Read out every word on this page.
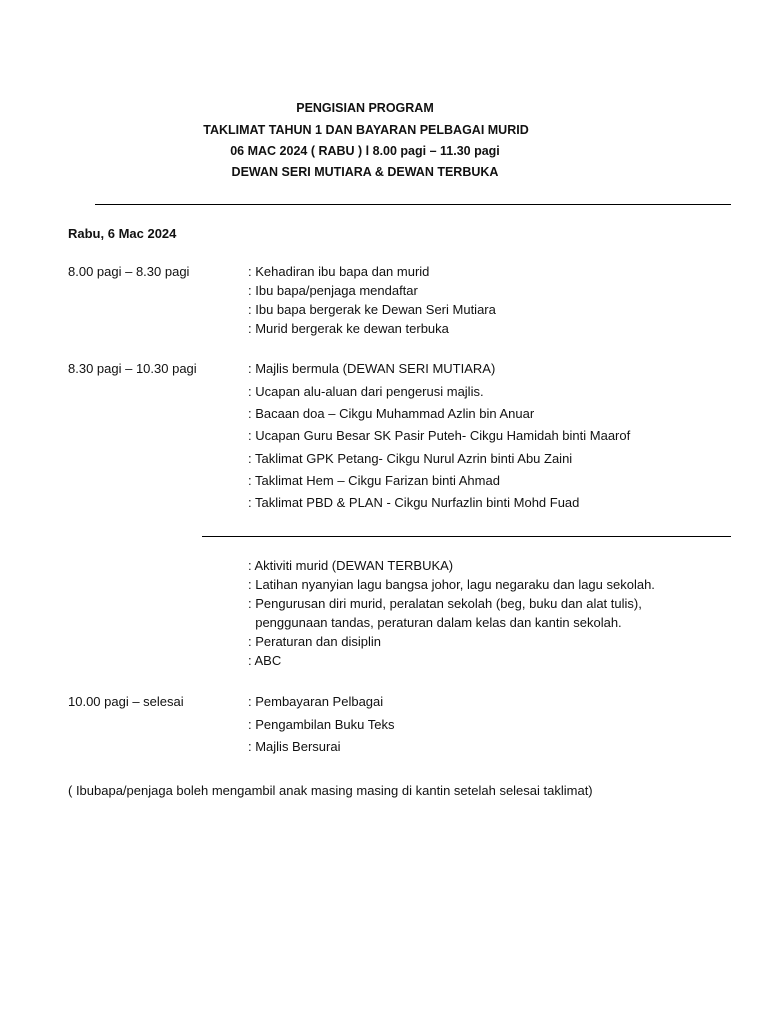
PENGISIAN PROGRAM
TAKLIMAT TAHUN 1 DAN BAYARAN PELBAGAI MURID
06 MAC 2024 ( RABU ) l 8.00 pagi – 11.30 pagi
DEWAN SERI MUTIARA & DEWAN TERBUKA
Rabu, 6 Mac 2024
8.00 pagi – 8.30 pagi	: Kehadiran ibu bapa dan murid
: Ibu bapa/penjaga mendaftar
: Ibu bapa bergerak ke Dewan Seri Mutiara
: Murid bergerak ke dewan terbuka
8.30 pagi – 10.30 pagi	: Majlis bermula (DEWAN SERI MUTIARA)
: Ucapan alu-aluan dari pengerusi majlis.
: Bacaan doa – Cikgu Muhammad Azlin bin Anuar
: Ucapan Guru Besar SK Pasir Puteh- Cikgu Hamidah binti Maarof
: Taklimat GPK Petang- Cikgu Nurul Azrin binti Abu Zaini
: Taklimat Hem – Cikgu Farizan binti Ahmad
: Taklimat PBD & PLAN - Cikgu Nurfazlin binti Mohd Fuad
: Aktiviti murid (DEWAN TERBUKA)
: Latihan nyanyian lagu bangsa johor, lagu negaraku dan lagu sekolah.
: Pengurusan diri murid, peralatan sekolah (beg, buku dan alat tulis),
penggunaan tandas, peraturan dalam kelas dan kantin sekolah.
: Peraturan dan disiplin
: ABC
10.00 pagi – selesai	: Pembayaran Pelbagai
: Pengambilan Buku Teks
: Majlis Bersurai
( Ibubapa/penjaga boleh mengambil anak masing masing di kantin setelah selesai taklimat)
